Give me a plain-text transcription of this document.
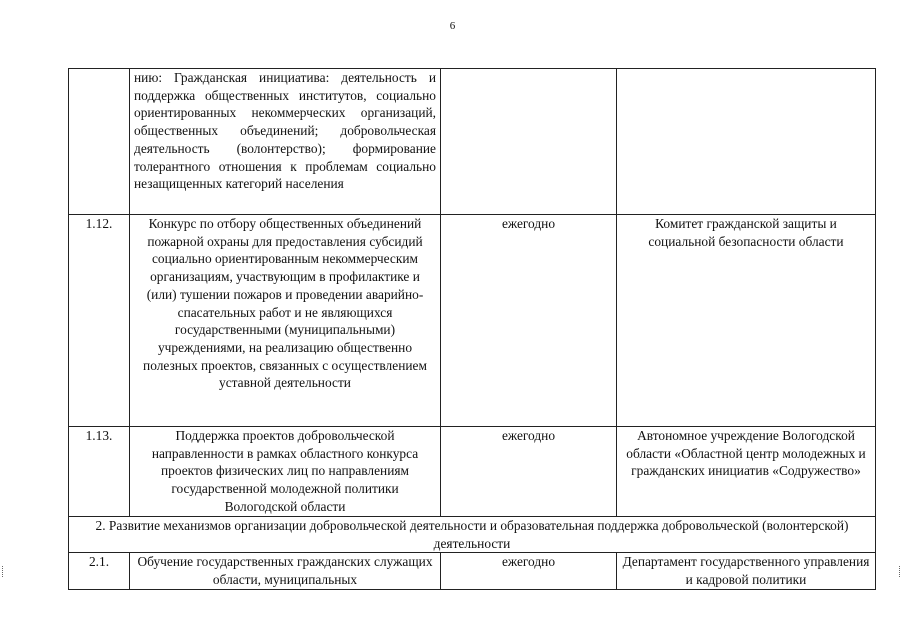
6
	нию: Гражданская инициатива: деятельность и поддержка общественных институтов, социально ориентированных некоммерческих организаций, общественных объединений; добровольческая деятельность (волонтерство); формирование толерантного отношения к проблемам социально незащищенных категорий населения		
1.12.	Конкурс по отбору общественных объединений пожарной охраны для предоставления субсидий социально ориентированным некоммерческим организациям, участвующим в профилактике и (или) тушении пожаров и проведении аварийно-спасательных работ и не являющихся государственными (муниципальными) учреждениями, на реализацию общественно полезных проектов, связанных с осуществлением уставной деятельности	ежегодно	Комитет гражданской защиты и социальной безопасности области
1.13.	Поддержка проектов добровольческой направленности в рамках областного конкурса проектов физических лиц по направлениям государственной молодежной политики Вологодской области	ежегодно	Автономное учреждение Вологодской области «Областной центр молодежных и гражданских инициатив «Содружество»
2. Развитие механизмов организации добровольческой деятельности и образовательная поддержка добровольческой (волонтерской) деятельности			
2.1.	Обучение государственных гражданских служащих области, муниципальных	ежегодно	Департамент государственного управления и кадровой политики
